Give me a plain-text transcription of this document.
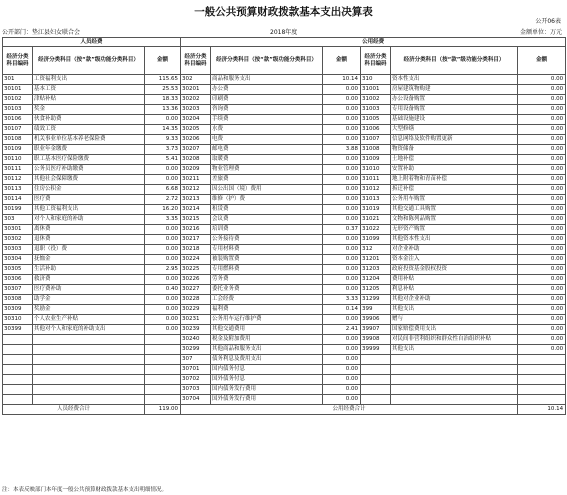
一般公共预算财政拨款基本支出决算表
公开06表
公开部门：垫江县妇女联合会	2018年度	金额单位：万元
人员经费			公用经费					
经济分类科目编码	经济分类科目（按“款”级功能分类科目）	金额	经济分类科目编码	经济分类科目（按“款”级功能分类科目）	金额	经济分类科目编码	经济分类科目（按“款”级功能分类科目）	金额
301	工资福利支出	115.65	302	商品和服务支出	10.14	310	资本性支出	0.00
30101	基本工资	25.53	30201	办公费	0.00	31001	房屋建筑物购建	0.00
30102	津贴补贴	18.33	30202	印刷费	0.00	31002	办公设备购置	0.00
30103	奖金	13.36	30203	咨询费	0.00	31003	专用设备购置	0.00
30106	伙食补助费	0.00	30204	手续费	0.00	31005	基础设施建设	0.00
30107	绩效工资	14.35	30205	水费	0.00	31006	大型修缮	0.00
30108	机关事业单位基本养老保险费	9.33	30206	电费	0.00	31007	信息网络及软件购置更新	0.00
30109	职业年金缴费	3.73	30207	邮电费	3.88	31008	物资储备	0.00
30110	职工基本医疗保险缴费	5.41	30208	取暖费	0.00	31009	土地补偿	0.00
30111	公务员医疗补助缴费	0.00	30209	物业管理费	0.00	31010	安置补助	0.00
30112	其他社会保障缴费	0.00	30211	差旅费	0.00	31011	地上附着物和青苗补偿	0.00
30113	住房公积金	6.68	30212	因公出国（境）费用	0.00	31012	拆迁补偿	0.00
30114	医疗费	2.72	30213	维修（护）费	0.00	31013	公务用车购置	0.00
30199	其他工资福利支出	16.20	30214	租赁费	0.00	31019	其他交通工具购置	0.00
303	对个人和家庭的补助	3.35	30215	会议费	0.00	31021	文物和陈列品购置	0.00
30301	离休费	0.00	30216	培训费	0.37	31022	无形资产购置	0.00
30302	退休费	0.00	30217	公务接待费	0.00	31099	其他资本性支出	0.00
30303	退职（役）费	0.00	30218	专用材料费	0.00	312	对企业补助	0.00
30304	抚恤金	0.00	30224	被装购置费	0.00	31201	资本金注入	0.00
30305	生活补助	2.95	30225	专用燃料费	0.00	31203	政府投资基金股权投资	0.00
30306	救济费	0.00	30226	劳务费	0.00	31204	费用补贴	0.00
30307	医疗费补助	0.40	30227	委托业务费	0.00	31205	利息补贴	0.00
30308	助学金	0.00	30228	工会经费	3.33	31299	其他对企业补助	0.00
30309	奖励金	0.00	30229	福利费	0.14	399	其他支出	0.00
30310	个人农业生产补贴	0.00	30231	公务用车运行维护费	0.00	39906	赠与	0.00
30399	其他对个人和家庭的补助支出	0.00	30239	其他交通费用	2.41	39907	国家赔偿费用支出	0.00
			30240	税金及附加费用	0.00	39908	对民间非营利组织和群众性自治组织补贴	0.00
			30299	其他商品和服务支出	0.00	39999	其他支出	0.00
			307	债务利息及费用支出	0.00			
			30701	国内债务付息	0.00			
			30702	国外债务付息	0.00			
			30703	国内债务发行费用	0.00			
			30704	国外债务发行费用	0.00			
人员经费合计		119.00	公用经费合计					10.14
注：本表反映部门本年度一般公共预算财政拨款基本支出明细情况。
